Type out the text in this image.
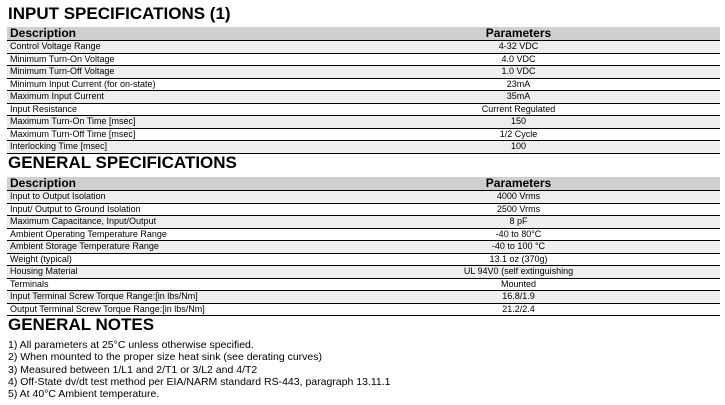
INPUT SPECIFICATIONS (1)
Description	Parameters
Control Voltage Range	4-32 VDC
Minimum Turn-On Voltage	4.0 VDC
Minimum Turn-Off Voltage	1.0 VDC
Minimum Input Current (for on-state)	23mA
Maximum Input Current	35mA
Input Resistance	Current Regulated
Maximum Turn-On Time [msec]	150
Maximum Turn-Off Time [msec]	1/2 Cycle
Interlocking Time [msec]	100
GENERAL SPECIFICATIONS
Description	Parameters
Input to Output Isolation	4000 Vrms
Input/ Output to Ground Isolation	2500 Vrms
Maximum Capacitance, Input/Output	8 pF
Ambient Operating Temperature Range	-40 to 80°C
Ambient Storage Temperature Range	-40 to 100 °C
Weight (typical)	13.1 oz (370g)
Housing Material	UL 94V0 (self extinguishing
Terminals	Mounted
Input Terminal Screw Torque Range:[in lbs/Nm]	16.8/1.9
Output Terminal Screw Torque Range:[in lbs/Nm]	21.2/2.4
GENERAL NOTES
1) All parameters at 25°C unless otherwise specified.
2) When mounted to the proper size heat sink (see derating curves)
3) Measured between 1/L1 and 2/T1 or 3/L2 and 4/T2
4) Off-State dv/dt test method per EIA/NARM standard RS-443, paragraph 13.11.1
5) At 40°C Ambient temperature.
